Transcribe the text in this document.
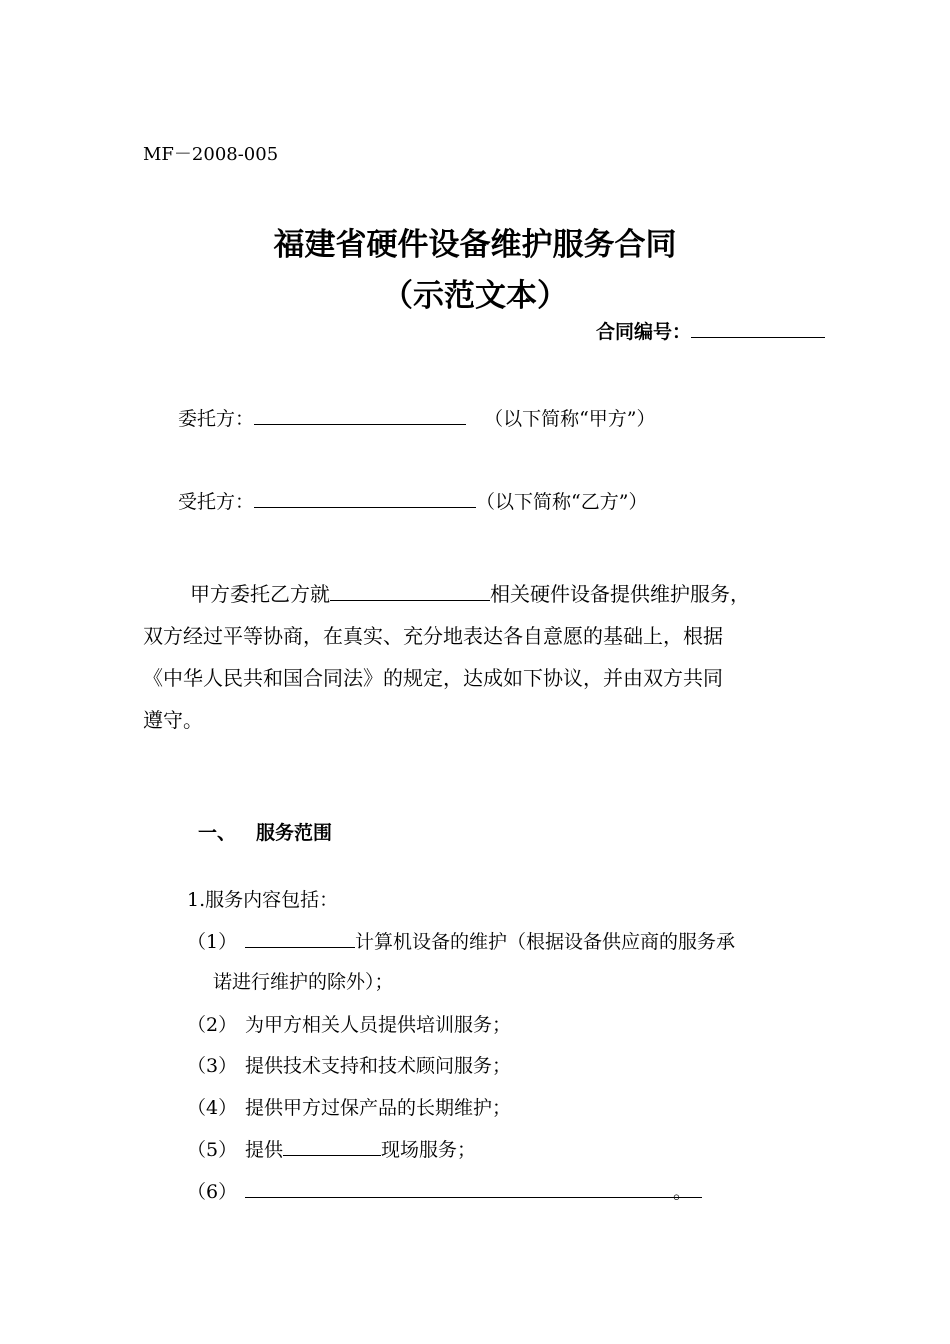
MF－2008-005
福建省硬件设备维护服务合同
（示范文本）
合同编号：
委托方：	（以下简称“甲方”）
受托方：	（以下简称“乙方”）
甲方委托乙方就	相关硬件设备提供维护服务，
双方经过平等协商，在真实、充分地表达各自意愿的基础上，根据
《中华人民共和国合同法》的规定，达成如下协议，并由双方共同
遵守。
一、 服务范围
1.服务内容包括：
（1）	计算机设备的维护（根据设备供应商的服务承
诺进行维护的除外）；
（2） 为甲方相关人员提供培训服务；
（3） 提供技术支持和技术顾问服务；
（4） 提供甲方过保产品的长期维护；
（5） 提供	现场服务；
（6）	。
